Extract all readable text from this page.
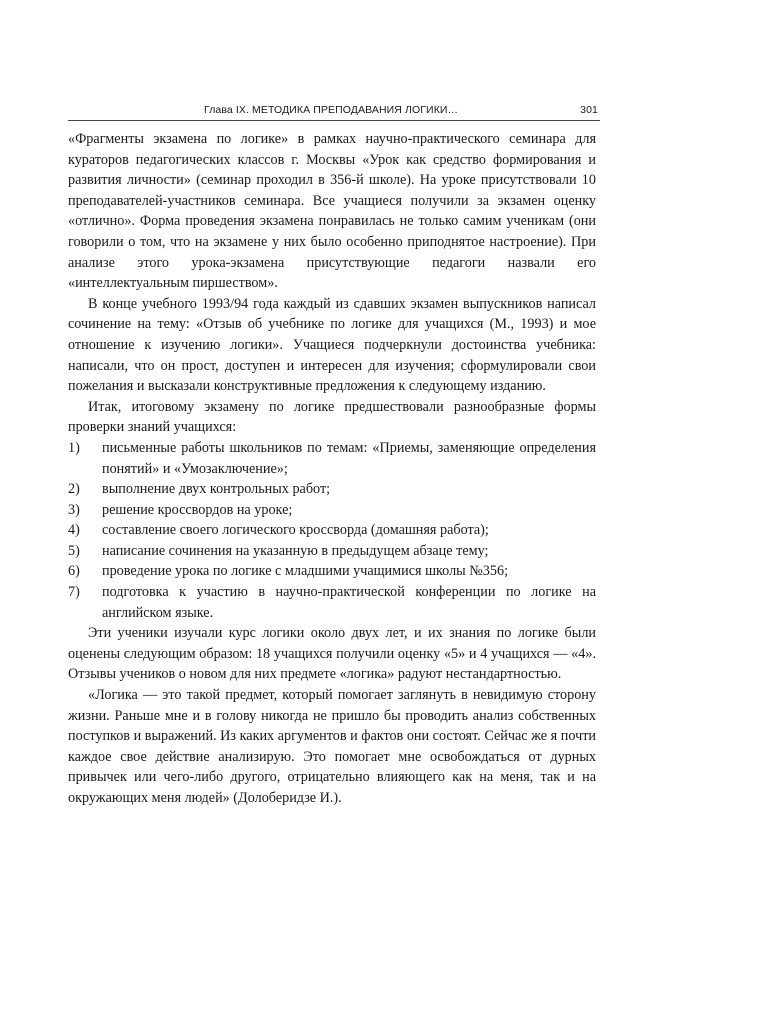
Глава IX. МЕТОДИКА ПРЕПОДАВАНИЯ ЛОГИКИ…	301

«Фрагменты экзамена по логике» в рамках научно-практического семинара для кураторов педагогических классов г. Москвы «Урок как средство формирования и развития личности» (семинар проходил в 356-й школе). На уроке присутствовали 10 преподавателей-участников семинара. Все учащиеся получили за экзамен оценку «отлично». Форма проведения экзамена понравилась не только самим ученикам (они говорили о том, что на экзамене у них было особенно приподнятое настроение). При анализе этого урока-экзамена присутствующие педагоги назвали его «интеллектуальным пиршеством».

В конце учебного 1993/94 года каждый из сдавших экзамен выпускников написал сочинение на тему: «Отзыв об учебнике по логике для учащихся (М., 1993) и мое отношение к изучению логики». Учащиеся подчеркнули достоинства учебника: написали, что он прост, доступен и интересен для изучения; сформулировали свои пожелания и высказали конструктивные предложения к следующему изданию.

Итак, итоговому экзамену по логике предшествовали разнообразные формы проверки знаний учащихся:

1)	письменные работы школьников по темам: «Приемы, заменяющие определения понятий» и «Умозаключение»;
2)	выполнение двух контрольных работ;
3)	решение кроссвордов на уроке;
4)	составление своего логического кроссворда (домашняя работа);
5)	написание сочинения на указанную в предыдущем абзаце тему;
6)	проведение урока по логике с младшими учащимися школы №356;
7)	подготовка к участию в научно-практической конференции по логике на английском языке.

Эти ученики изучали курс логики около двух лет, и их знания по логике были оценены следующим образом: 18 учащихся получили оценку «5» и 4 учащихся — «4». Отзывы учеников о новом для них предмете «логика» радуют нестандартностью.

«Логика — это такой предмет, который помогает заглянуть в невидимую сторону жизни. Раньше мне и в голову никогда не пришло бы проводить анализ собственных поступков и выражений. Из каких аргументов и фактов они состоят. Сейчас же я почти каждое свое действие анализирую. Это помогает мне освобождаться от дурных привычек или чего-либо другого, отрицательно влияющего как на меня, так и на окружающих меня людей» (Долоберидзе И.).
